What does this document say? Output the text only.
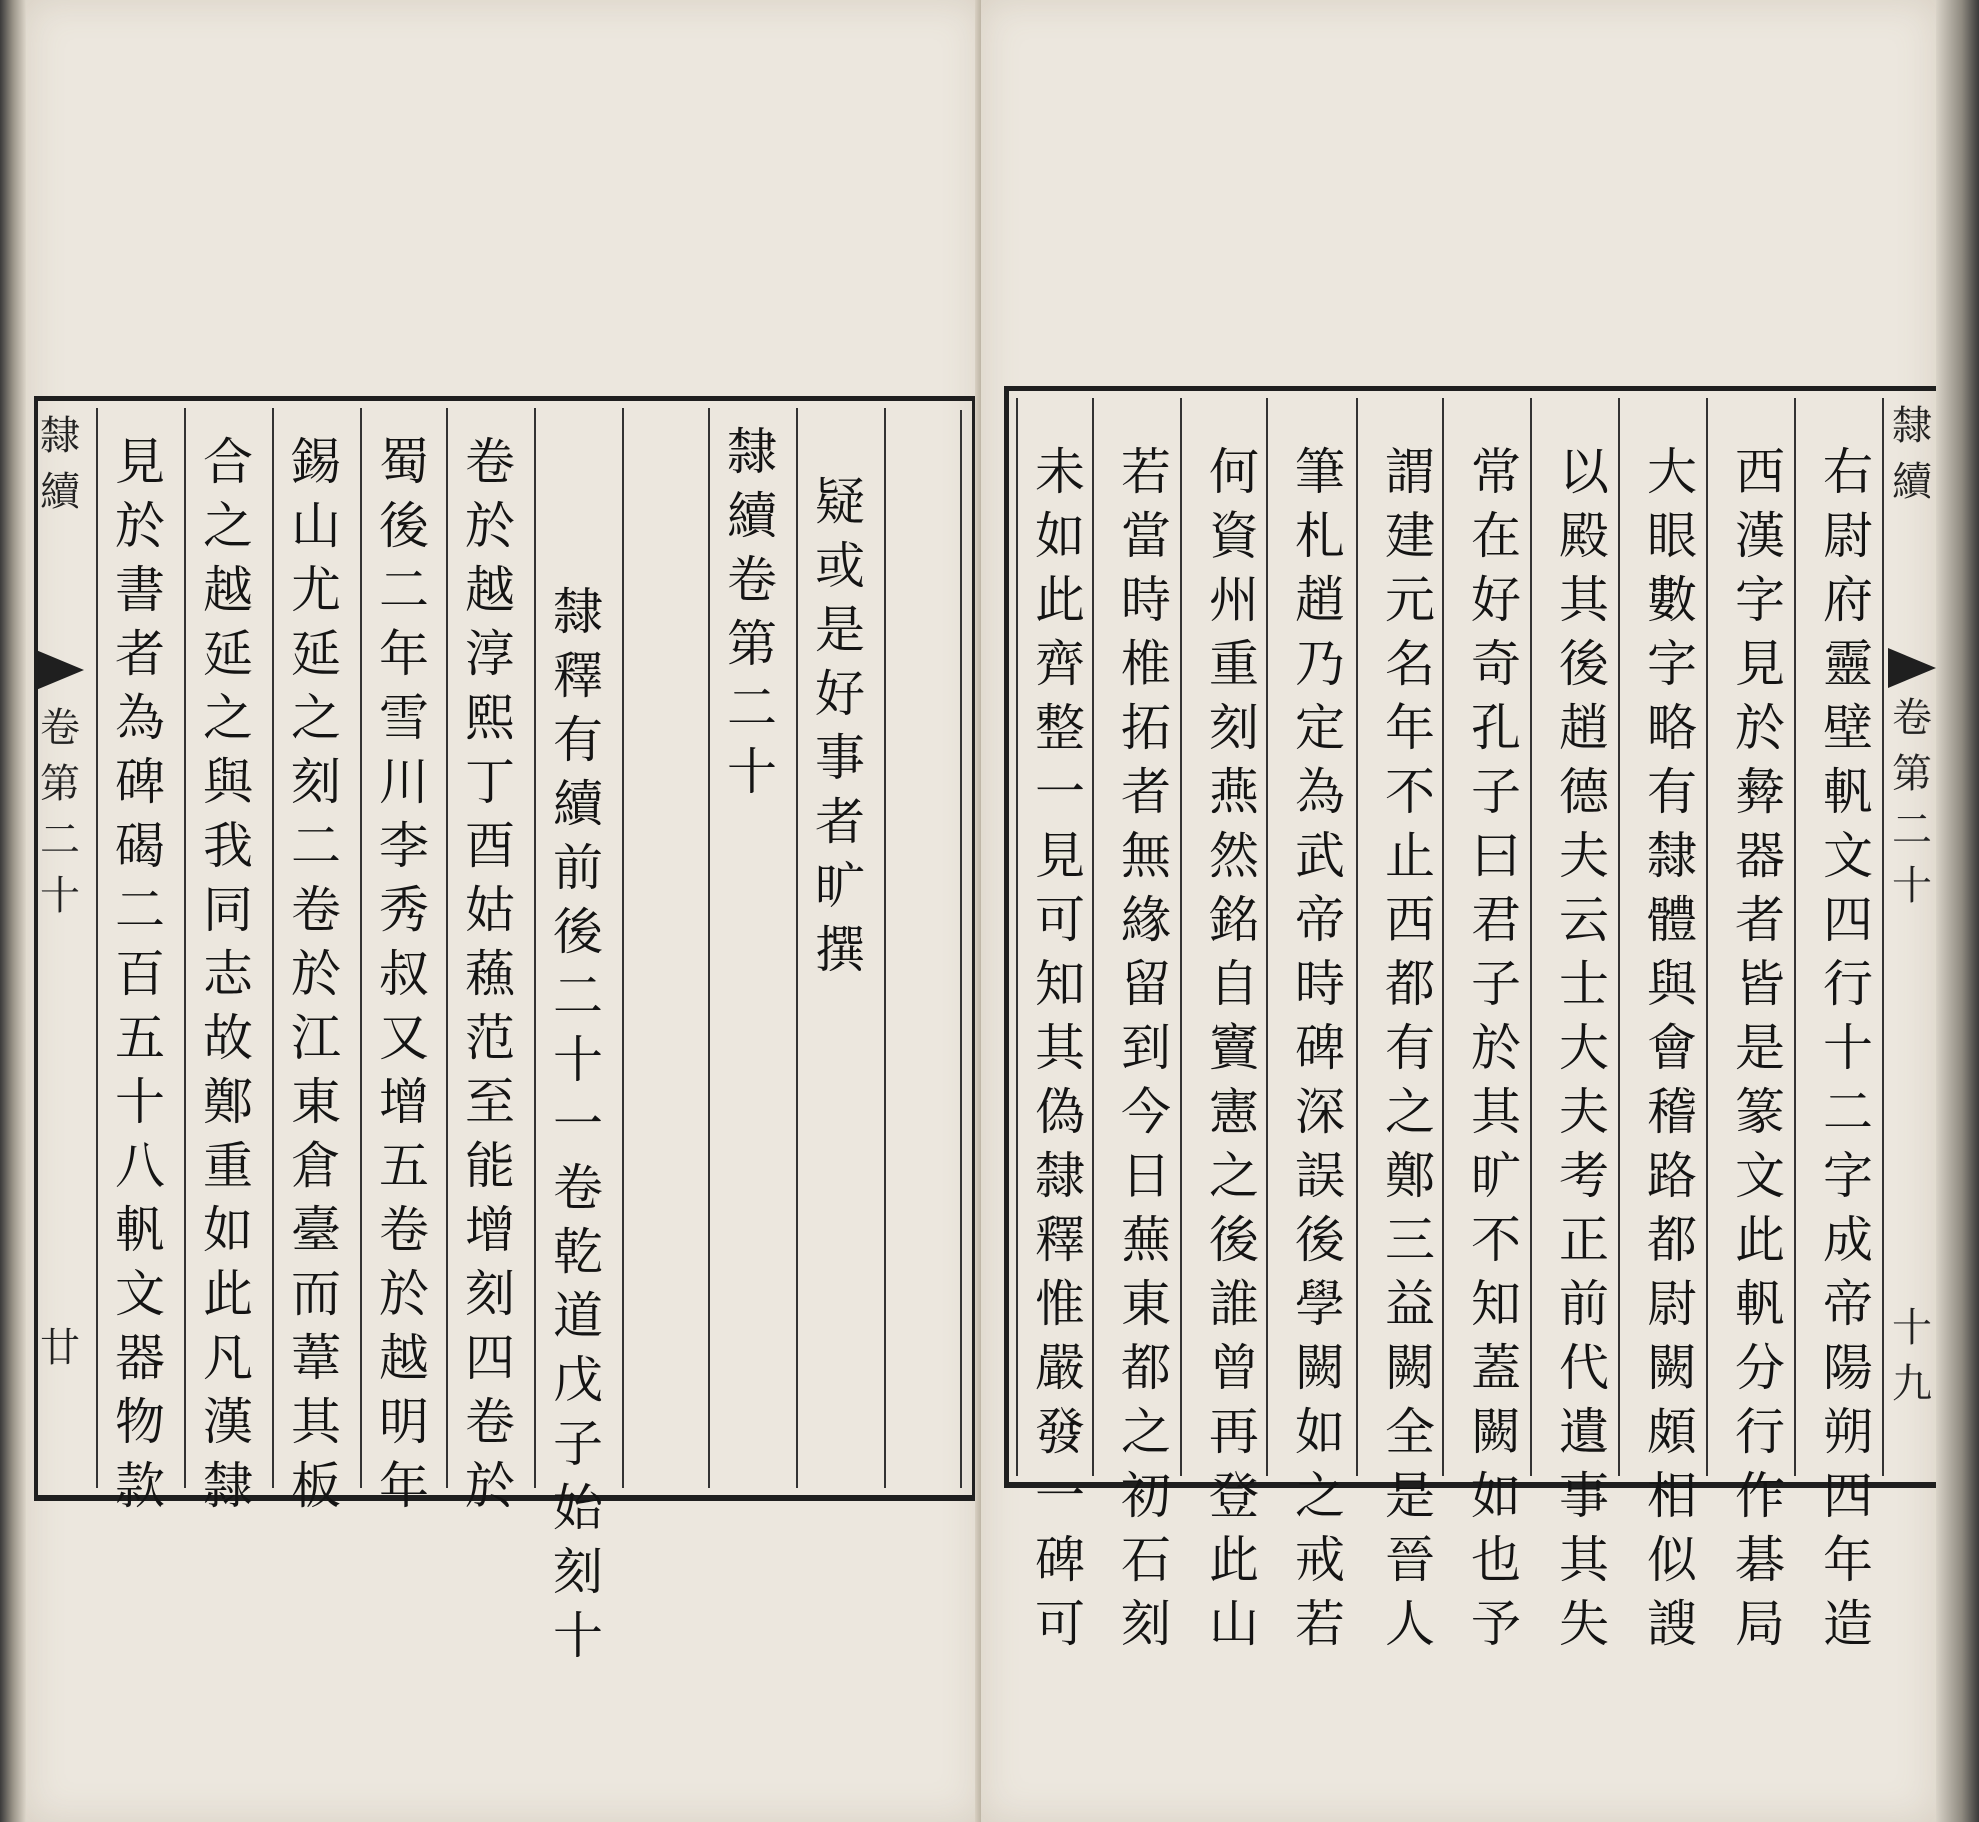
隸續
卷第二十
廿
見於書者為碑碣二百五十八軓文器物款
合之越延之與我同志故鄭重如此凡漢隸
錫山尤延之刻二卷於江東倉臺而葦其板
蜀後二年雪川李秀叔又增五卷於越明年
卷於越淳熙丁酉姑蘓范至能增刻四卷於
隸釋有續前後二十一卷乾道戊子始刻十
隸續卷第二十
疑或是好事者旷撰
未如此齊整一見可知其偽隸釋惟嚴發一碑可
若當時椎拓者無緣留到今日蕪東都之初石刻
何資州重刻燕然銘自竇憲之後誰曾再登此山
筆札趙乃定為武帝時碑深誤後學闕如之戒若
謂建元名年不止西都有之鄭三益闕全是晉人
常在好奇孔子曰君子於其旷不知蓋闕如也予
以殿其後趙德夫云士大夫考正前代遺事其失
大眼數字略有隸體與會稽路都尉闕頗相似謏
西漢字見於彜器者皆是篆文此軓分行作碁局
右尉府靈壁軓文四行十二字成帝陽朔四年造
隸續
卷第二十
十九
